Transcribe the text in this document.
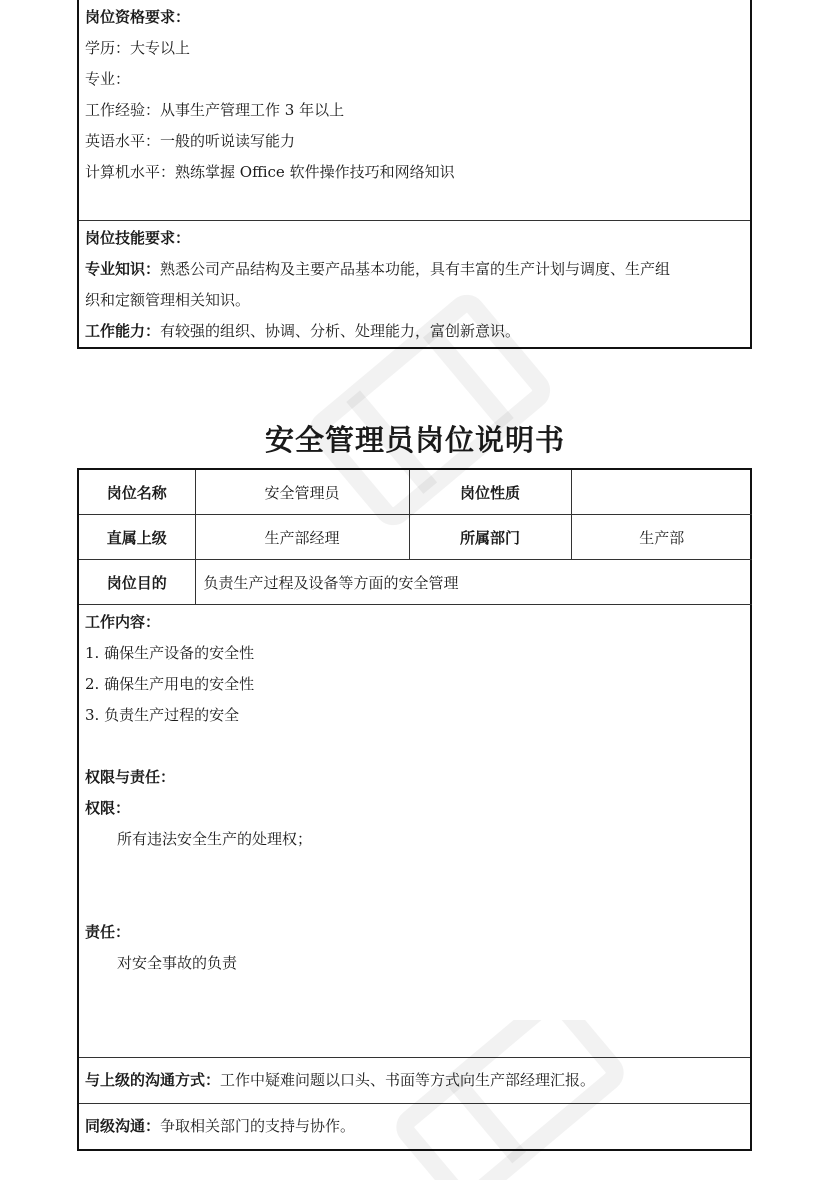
岗位资格要求：
学历：大专以上
专业：
工作经验：从事生产管理工作 3 年以上
英语水平：一般的听说读写能力
计算机水平：熟练掌握 Office 软件操作技巧和网络知识
岗位技能要求：
专业知识：熟悉公司产品结构及主要产品基本功能，具有丰富的生产计划与调度、生产组
织和定额管理相关知识。
工作能力：有较强的组织、协调、分析、处理能力，富创新意识。
安全管理员岗位说明书
岗位名称	安全管理员	岗位性质	
直属上级	生产部经理	所属部门	生产部
岗位目的	负责生产过程及设备等方面的安全管理		
工作内容：
1. 确保生产设备的安全性
2. 确保生产用电的安全性
3. 负责生产过程的安全
权限与责任：
权限：
所有违法安全生产的处理权；
责任：
对安全事故的负责
与上级的沟通方式：工作中疑难问题以口头、书面等方式向生产部经理汇报。
同级沟通：争取相关部门的支持与协作。
